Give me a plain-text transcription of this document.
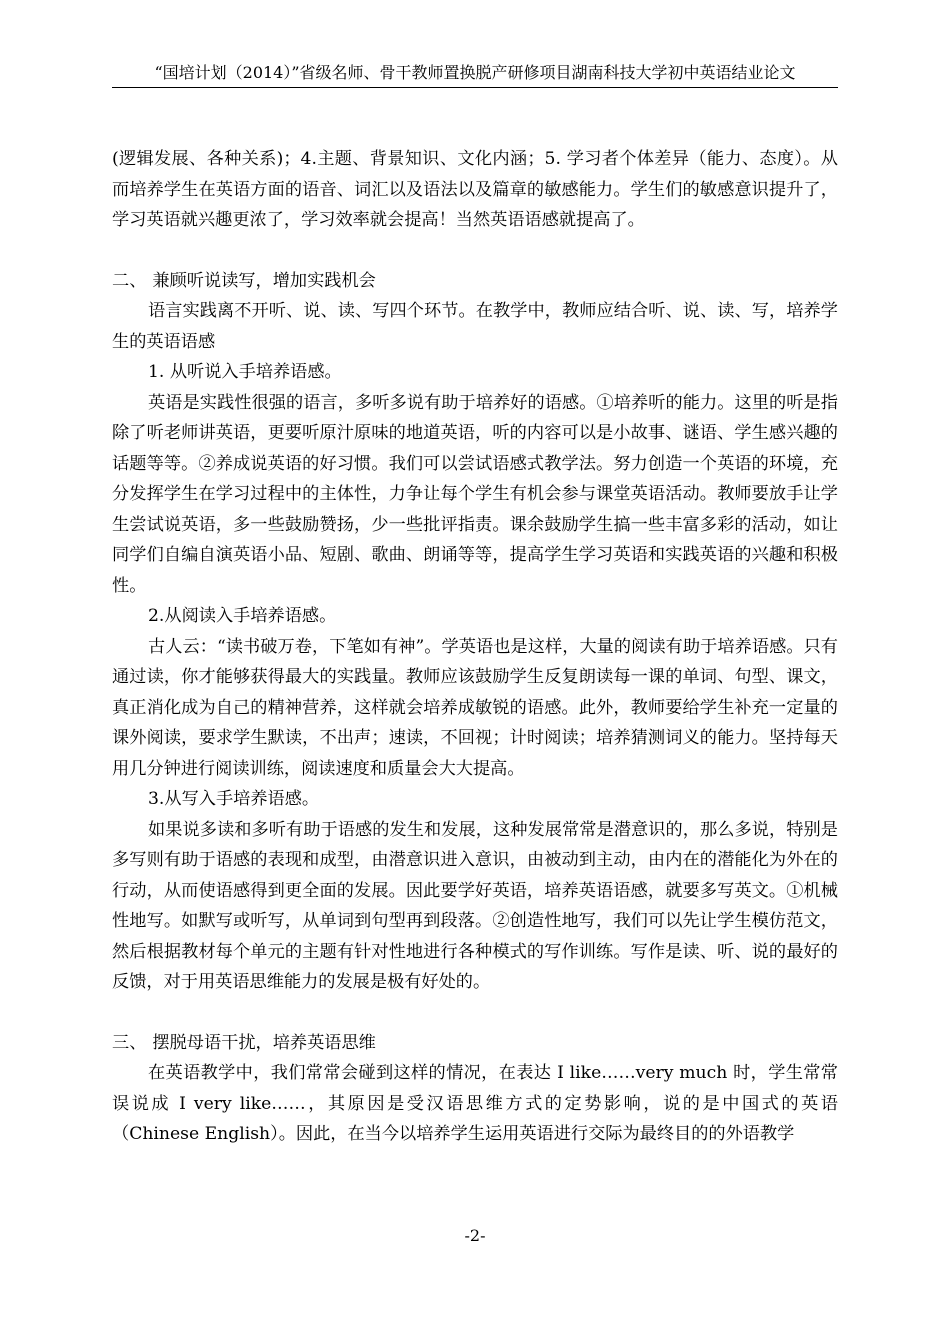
“国培计划（2014）”省级名师、骨干教师置换脱产研修项目湖南科技大学初中英语结业论文

(逻辑发展、各种关系)；4.主题、背景知识、文化内涵；5. 学习者个体差异（能力、态度）。从而培养学生在英语方面的语音、词汇以及语法以及篇章的敏感能力。学生们的敏感意识提升了，学习英语就兴趣更浓了，学习效率就会提高！当然英语语感就提高了。

二、 兼顾听说读写，增加实践机会

语言实践离不开听、说、读、写四个环节。在教学中，教师应结合听、说、读、写，培养学生的英语语感

1. 从听说入手培养语感。

英语是实践性很强的语言，多听多说有助于培养好的语感。①培养听的能力。这里的听是指除了听老师讲英语，更要听原汁原味的地道英语，听的内容可以是小故事、谜语、学生感兴趣的话题等等。②养成说英语的好习惯。我们可以尝试语感式教学法。努力创造一个英语的环境，充分发挥学生在学习过程中的主体性，力争让每个学生有机会参与课堂英语活动。教师要放手让学生尝试说英语，多一些鼓励赞扬，少一些批评指责。课余鼓励学生搞一些丰富多彩的活动，如让同学们自编自演英语小品、短剧、歌曲、朗诵等等，提高学生学习英语和实践英语的兴趣和积极性。

2.从阅读入手培养语感。

古人云：“读书破万卷，下笔如有神”。学英语也是这样，大量的阅读有助于培养语感。只有通过读，你才能够获得最大的实践量。教师应该鼓励学生反复朗读每一课的单词、句型、课文，真正消化成为自己的精神营养，这样就会培养成敏锐的语感。此外，教师要给学生补充一定量的课外阅读，要求学生默读，不出声；速读，不回视；计时阅读；培养猜测词义的能力。坚持每天用几分钟进行阅读训练，阅读速度和质量会大大提高。

3.从写入手培养语感。

如果说多读和多听有助于语感的发生和发展，这种发展常常是潜意识的，那么多说，特别是多写则有助于语感的表现和成型，由潜意识进入意识，由被动到主动，由内在的潜能化为外在的行动，从而使语感得到更全面的发展。因此要学好英语，培养英语语感，就要多写英文。①机械性地写。如默写或听写，从单词到句型再到段落。②创造性地写，我们可以先让学生模仿范文，然后根据教材每个单元的主题有针对性地进行各种模式的写作训练。写作是读、听、说的最好的反馈，对于用英语思维能力的发展是极有好处的。

三、 摆脱母语干扰，培养英语思维

在英语教学中，我们常常会碰到这样的情况，在表达 I like……very much 时，学生常常误说成 I very like……，其原因是受汉语思维方式的定势影响，说的是中国式的英语（Chinese English）。因此，在当今以培养学生运用英语进行交际为最终目的的外语教学

-2-
